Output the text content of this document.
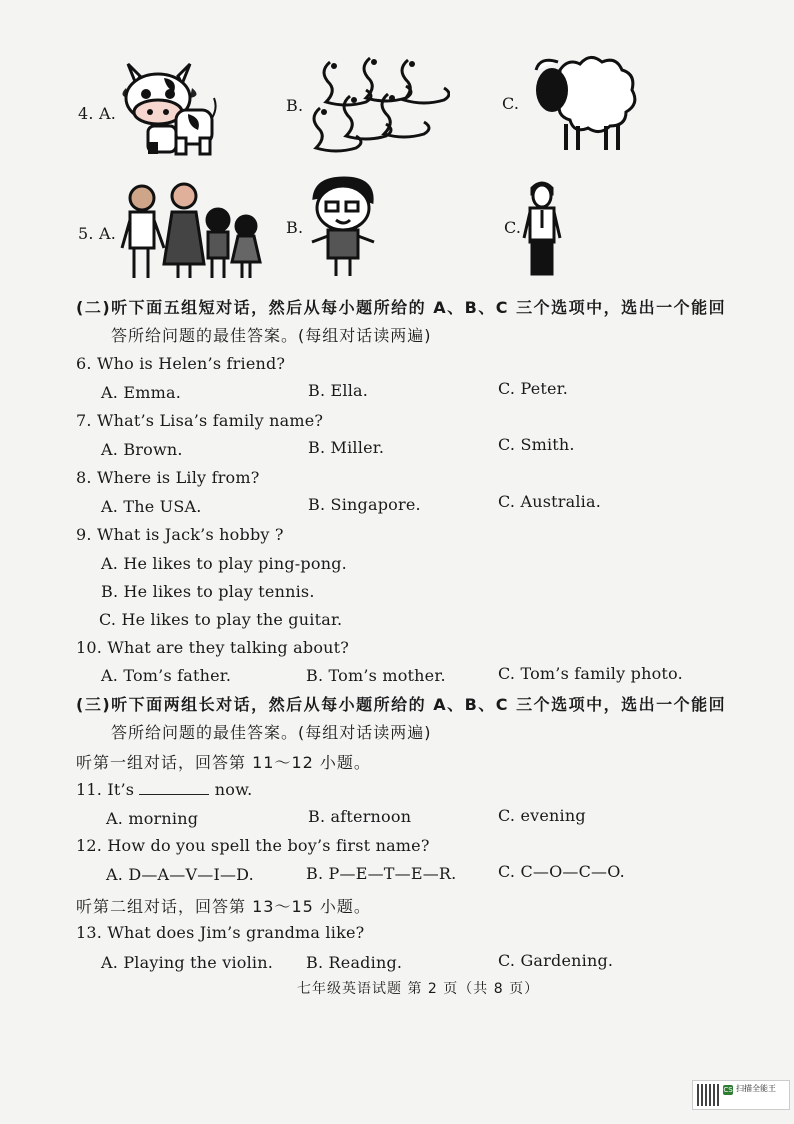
4. A.	B.	C.
5. A.	B.	C.
(二)听下面五组短对话，然后从每小题所给的 A、B、C 三个选项中，选出一个能回
答所给问题的最佳答案。(每组对话读两遍)
6. Who is Helen’s friend?
A. Emma.	B. Ella.	C. Peter.
7. What’s Lisa’s family name?
A. Brown.	B. Miller.	C. Smith.
8. Where is Lily from?
A. The USA.	B. Singapore.	C. Australia.
9. What is Jack’s hobby ?
A. He likes to play ping-pong.
B. He likes to play tennis.
C. He likes to play the guitar.
10. What are they talking about?
A. Tom’s father.	B. Tom’s mother.	C. Tom’s family photo.
(三)听下面两组长对话，然后从每小题所给的 A、B、C 三个选项中，选出一个能回
答所给问题的最佳答案。(每组对话读两遍)
听第一组对话，回答第 11～12 小题。
11. It’s	now.
A. morning	B. afternoon	C. evening
12. How do you spell the boy’s first name?
A. D—A—V—I—D.	B. P—E—T—E—R.	C. C—O—C—O.
听第二组对话，回答第 13～15 小题。
13. What does Jim’s grandma like?
A. Playing the violin. B. Reading.	C. Gardening.
七年级英语试题 第 2 页（共 8 页）
CS 扫描全能王
